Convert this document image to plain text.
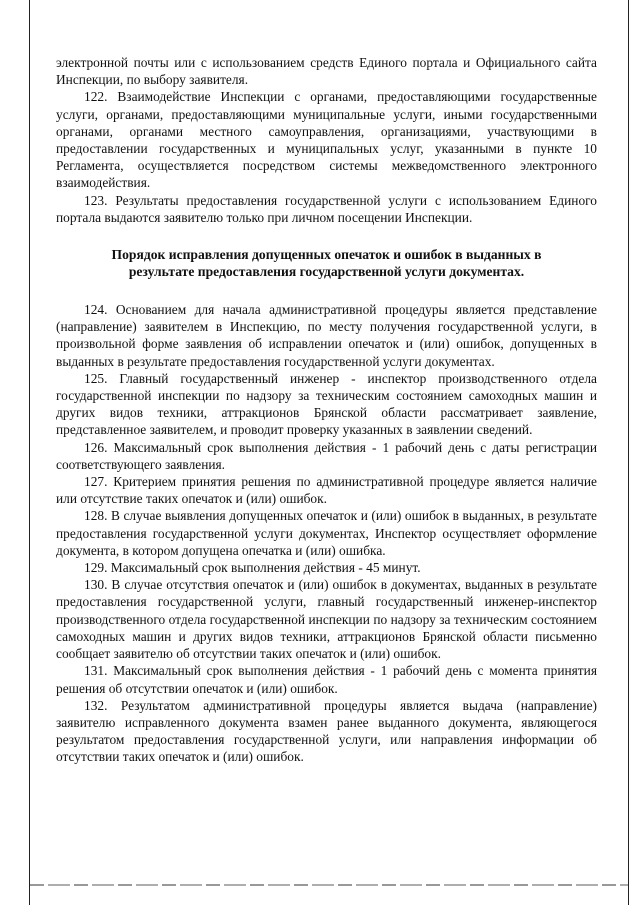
электронной почты или с использованием средств Единого портала и Официального сайта Инспекции, по выбору заявителя.

122. Взаимодействие Инспекции с органами, предоставляющими государственные услуги, органами, предоставляющими муниципальные услуги, иными государственными органами, органами местного самоуправления, организациями, участвующими в предоставлении государственных и муниципальных услуг, указанными в пункте 10 Регламента, осуществляется посредством системы межведомственного электронного взаимодействия.

123. Результаты предоставления государственной услуги с использованием Единого портала выдаются заявителю только при личном посещении Инспекции.

Порядок исправления допущенных опечаток и ошибок в выданных в
результате предоставления государственной услуги документах.

124. Основанием для начала административной процедуры является представление (направление) заявителем в Инспекцию, по месту получения государственной услуги, в произвольной форме заявления об исправлении опечаток и (или) ошибок, допущенных в выданных в результате предоставления государственной услуги документах.

125. Главный государственный инженер - инспектор производственного отдела государственной инспекции по надзору за техническим состоянием самоходных машин и других видов техники, аттракционов Брянской области рассматривает заявление, представленное заявителем, и проводит проверку указанных в заявлении сведений.

126. Максимальный срок выполнения действия - 1 рабочий день с даты регистрации соответствующего заявления.

127. Критерием принятия решения по административной процедуре является наличие или отсутствие таких опечаток и (или) ошибок.

128. В случае выявления допущенных опечаток и (или) ошибок в выданных, в результате предоставления государственной услуги документах, Инспектор осуществляет оформление документа, в котором допущена опечатка и (или) ошибка.

129. Максимальный срок выполнения действия - 45 минут.

130. В случае отсутствия опечаток и (или) ошибок в документах, выданных в результате предоставления государственной услуги, главный государственный инженер-инспектор производственного отдела государственной инспекции по надзору за техническим состоянием самоходных машин и других видов техники, аттракционов Брянской области письменно сообщает заявителю об отсутствии таких опечаток и (или) ошибок.

131. Максимальный срок выполнения действия - 1 рабочий день с момента принятия решения об отсутствии опечаток и (или) ошибок.

132. Результатом административной процедуры является выдача (направление) заявителю исправленного документа взамен ранее выданного документа, являющегося результатом предоставления государственной услуги, или направления информации об отсутствии таких опечаток и (или) ошибок.
